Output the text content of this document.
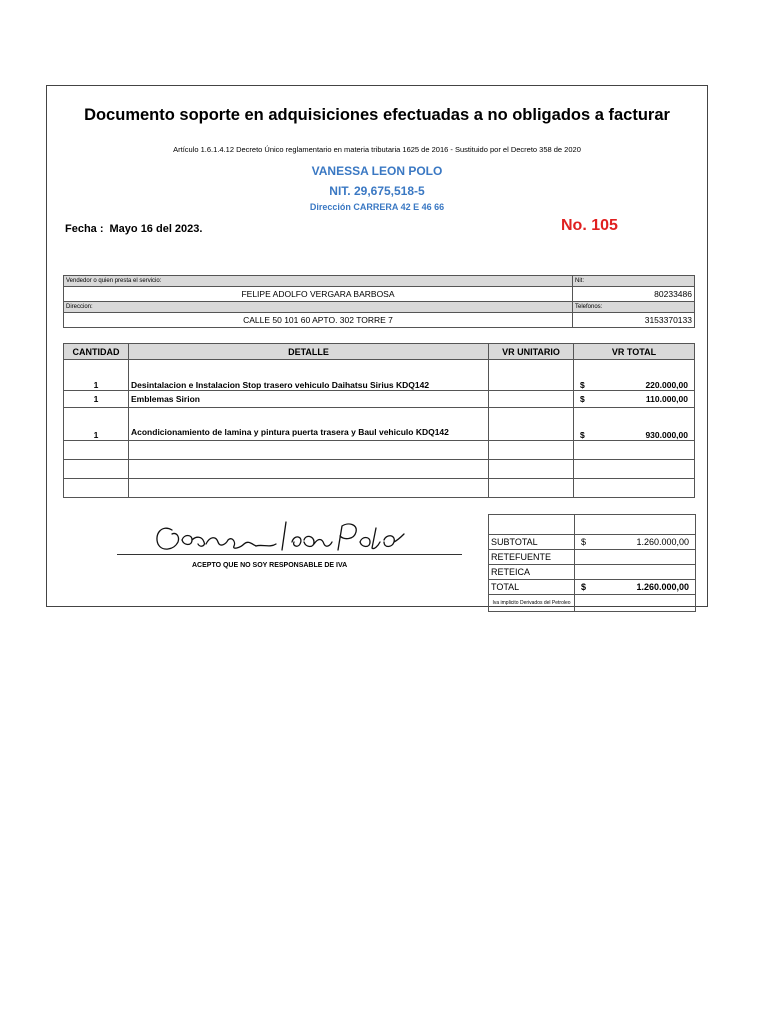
Documento soporte en adquisiciones efectuadas a no obligados a facturar
Artículo 1.6.1.4.12 Decreto Único reglamentario en materia tributaria 1625 de 2016 - Sustituido por el Decreto 358 de 2020
VANESSA LEON POLO
NIT. 29,675,518-5
Dirección CARRERA 42 E 46 66
Fecha : Mayo 16 del 2023.	No. 105
Vendedor o quien presta el servicio:	Nit:
FELIPE ADOLFO VERGARA BARBOSA	80233486
Direccion:	Telefonos:
CALLE 50 101 60 APTO. 302 TORRE 7	3153370133
CANTIDAD	DETALLE	VR UNITARIO	VR TOTAL
1	Desintalacion e Instalacion Stop trasero vehiculo Daihatsu Sirius KDQ142		$ 220.000,00

1	Emblemas Sirion		$ 110.000,00

1	Acondicionamiento de lamina y pintura puerta trasera y Baul vehiculo KDQ142		$ 930.000,00

SUBTOTAL	$ 1.260.000,00

RETEFUENTE	
RETEICA	
TOTAL	$ 1.260.000,00

Iva implicito Derivados del Petroleo	
ACEPTO QUE NO SOY RESPONSABLE DE IVA
